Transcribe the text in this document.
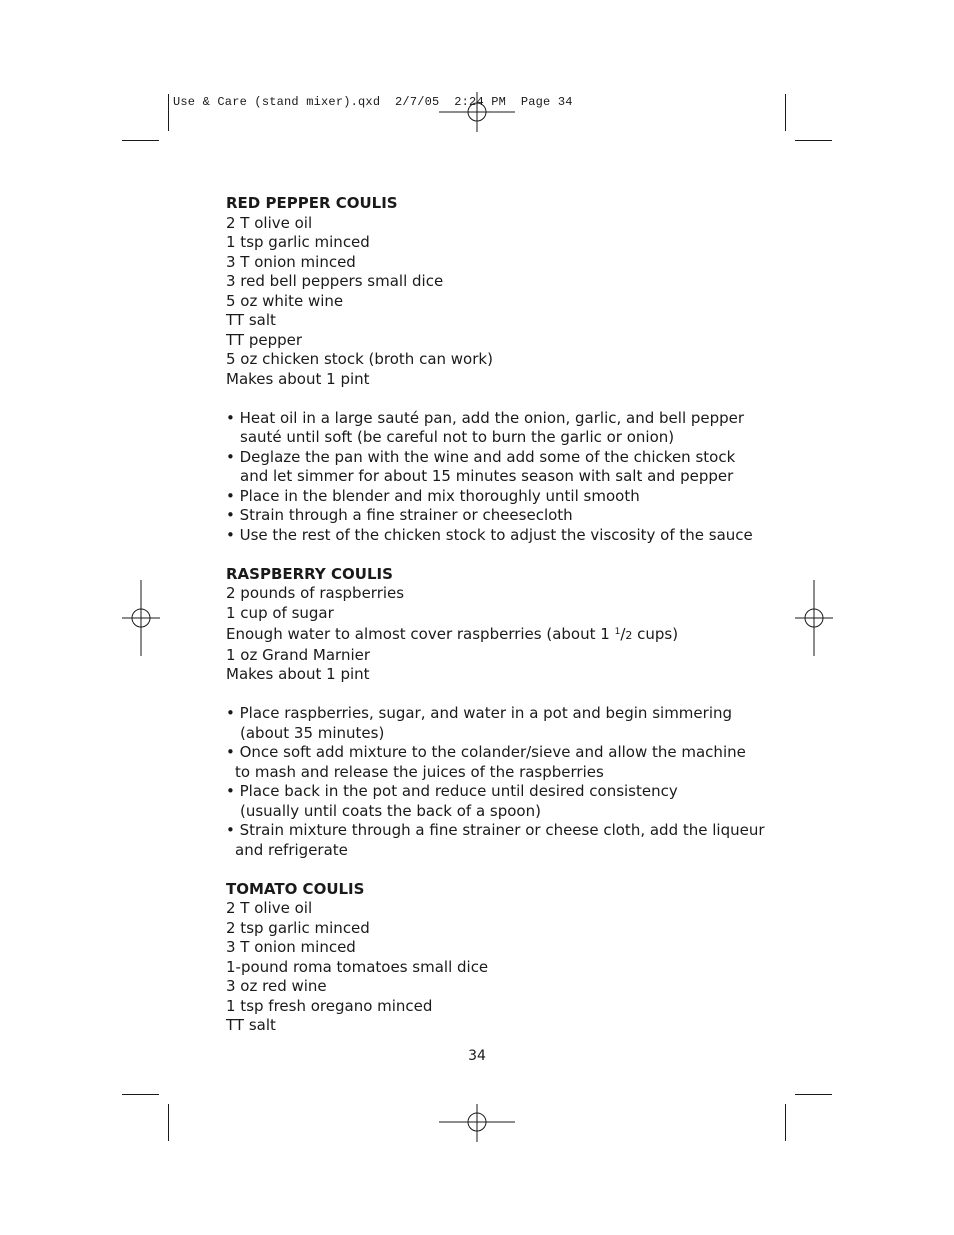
Use & Care (stand mixer).qxd  2/7/05  2:24 PM  Page 34
RED PEPPER COULIS
2 T olive oil
1 tsp garlic minced
3 T onion minced
3 red bell peppers small dice
5 oz white wine
TT salt
TT pepper
5 oz chicken stock (broth can work)
Makes about 1 pint
• Heat oil in a large sauté pan, add the onion, garlic, and bell pepper
sauté until soft (be careful not to burn the garlic or onion)
• Deglaze the pan with the wine and add some of the chicken stock
and let simmer for about 15 minutes season with salt and pepper
• Place in the blender and mix thoroughly until smooth
• Strain through a fine strainer or cheesecloth
• Use the rest of the chicken stock to adjust the viscosity of the sauce
RASPBERRY COULIS
2 pounds of raspberries
1 cup of sugar
Enough water to almost cover raspberries (about 1 $^1$/2 cups)
1 oz Grand Marnier
Makes about 1 pint
• Place raspberries, sugar, and water in a pot and begin simmering
(about 35 minutes)
• Once soft add mixture to the colander/sieve and allow the machine
to mash and release the juices of the raspberries
• Place back in the pot and reduce until desired consistency
(usually until coats the back of a spoon)
• Strain mixture through a fine strainer or cheese cloth, add the liqueur
and refrigerate
TOMATO COULIS
2 T olive oil
2 tsp garlic minced
3 T onion minced
1-pound roma tomatoes small dice
3 oz red wine
1 tsp fresh oregano minced
TT salt
34
